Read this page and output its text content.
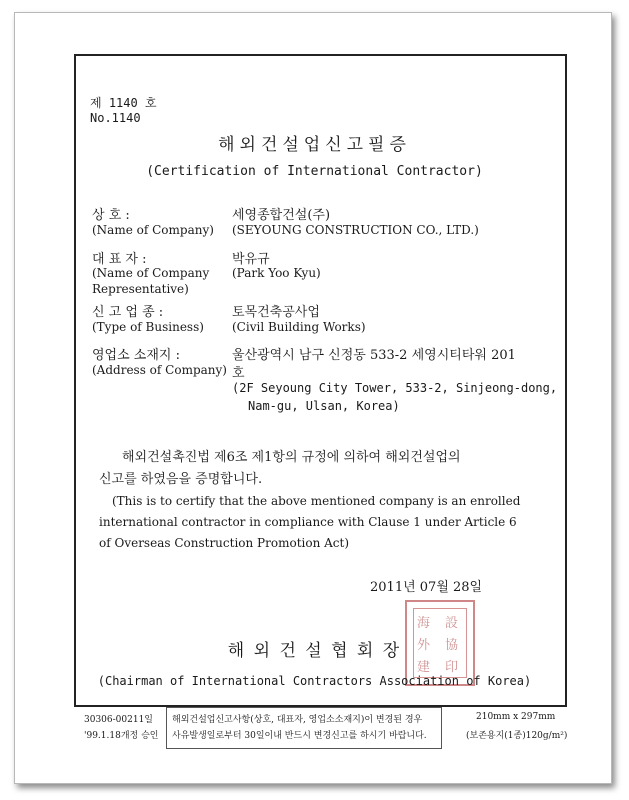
제 1140 호
No.1140
해외건설업신고필증
(Certification of International Contractor)
상 호 :
(Name of Company)
세영종합건설(주)
(SEYOUNG CONSTRUCTION CO., LTD.)
대 표 자 :
(Name of Company
Representative)
박유규
(Park Yoo Kyu)
신 고 업 종 :
(Type of Business)
토목건축공사업
(Civil Building Works)
영업소 소재지 :
(Address of Company)
울산광역시 남구 신정동 533-2 세영시티타워 201
호
(2F Seyoung City Tower, 533-2, Sinjeong-dong,
Nam-gu, Ulsan, Korea)
해외건설촉진법 제6조 제1항의 규정에 의하여 해외건설업의
신고를 하였음을 증명합니다.
(This is to certify that the above mentioned company is an enrolled
international contractor in compliance with Clause 1 under Article 6
of Overseas Construction Promotion Act)
2011년 07월 28일
海 設
外 協
建 印
해 외 건 설 협 회 장
(Chairman of International Contractors Association of Korea)
30306-00211일
'99.1.18개정 승인
해외건설업신고사항(상호, 대표자, 영업소소재지)이 변경된 경우
사유발생일로부터 30일이내 반드시 변경신고를 하시기 바랍니다.
210mm x 297mm
(보존용지(1종)120g/m²)
